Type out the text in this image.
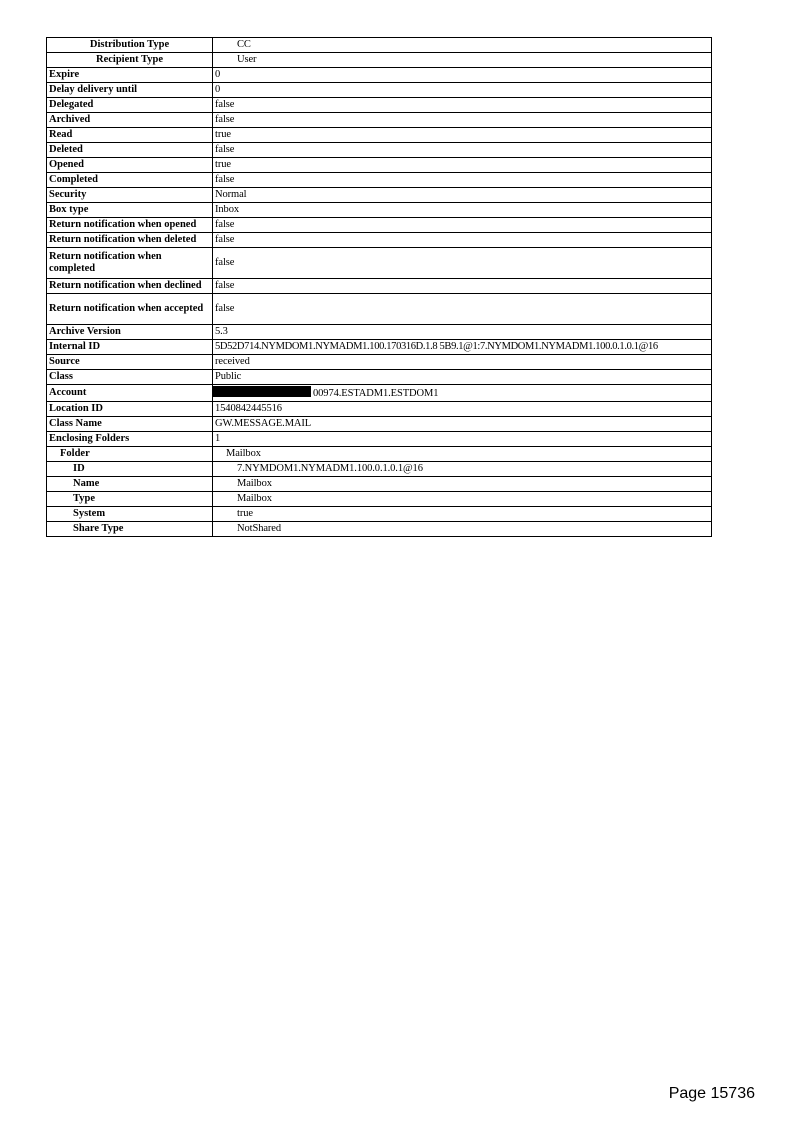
Distribution Type	CC
Recipient Type	User
Expire	0
Delay delivery until	0
Delegated	false
Archived	false
Read	true
Deleted	false
Opened	true
Completed	false
Security	Normal
Box type	Inbox
Return notification when opened	false
Return notification when deleted	false
Return notification when completed	false
Return notification when declined	false
Return notification when accepted	false
Archive Version	5.3
Internal ID	5D52D714.NYMDOM1.NYMADM1.100.170316D.1.8 5B9.1@1:7.NYMDOM1.NYMADM1.100.0.1.0.1@16
Source	received
Class	Public
Account	00974.ESTADM1.ESTDOM1
Location ID	1540842445516
Class Name	GW.MESSAGE.MAIL
Enclosing Folders	1
Folder	Mailbox
ID	7.NYMDOM1.NYMADM1.100.0.1.0.1@16
Name	Mailbox
Type	Mailbox
System	true
Share Type	NotShared
Page 15736
